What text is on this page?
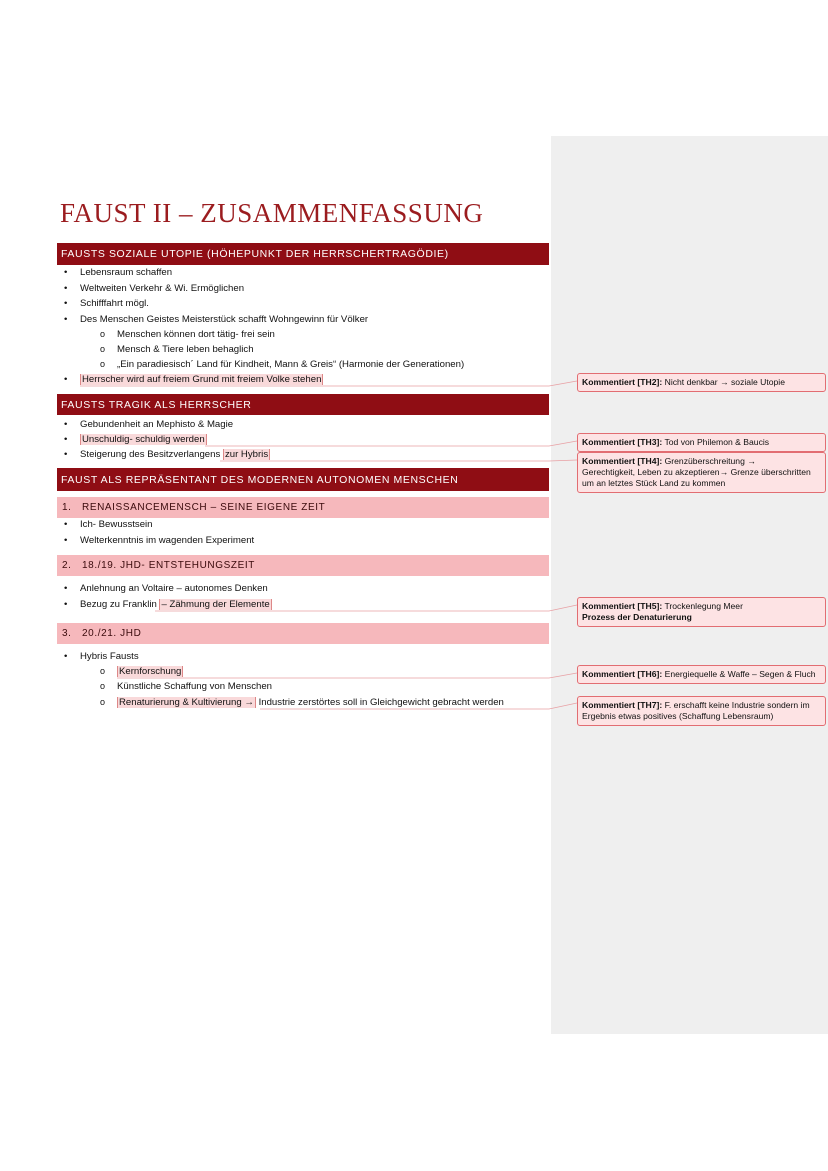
FAUST II – ZUSAMMENFASSUNG
FAUSTS SOZIALE UTOPIE (HÖHEPUNKT DER HERRSCHERTRAGÖDIE)
• Lebensraum schaffen
• Weltweiten Verkehr & Wi. Ermöglichen
• Schifffahrt mögl.
• Des Menschen Geistes Meisterstück schafft Wohngewinn für Völker
o Menschen können dort tätig- frei sein
o Mensch & Tiere leben behaglich
o „Ein paradiesisch´ Land für Kindheit, Mann & Greis“ (Harmonie der Generationen)
• Herrscher wird auf freiem Grund mit freiem Volke stehen
FAUSTS TRAGIK ALS HERRSCHER
• Gebundenheit an Mephisto & Magie
• Unschuldig- schuldig werden
• Steigerung des Besitzverlangens zur Hybris
FAUST ALS REPRÄSENTANT DES MODERNEN AUTONOMEN MENSCHEN
1.	RENAISSANCEMENSCH – SEINE EIGENE ZEIT
• Ich- Bewusstsein
• Welterkenntnis im wagenden Experiment
2.	18./19. JHD- ENTSTEHUNGSZEIT
• Anlehnung an Voltaire – autonomes Denken
• Bezug zu Franklin – Zähmung der Elemente
3.	20./21. JHD
• Hybris Fausts
o Kernforschung
o Künstliche Schaffung von Menschen
o Renaturierung & Kultivierung → Industrie zerstörtes soll in Gleichgewicht gebracht werden
Kommentiert [TH2]: Nicht denkbar → soziale Utopie
Kommentiert [TH3]: Tod von Philemon & Baucis
Kommentiert [TH4]: Grenzüberschreitung →
Gerechtigkeit, Leben zu akzeptieren→ Grenze überschritten um an letztes Stück Land zu kommen
Kommentiert [TH5]: Trockenlegung Meer
Prozess der Denaturierung
Kommentiert [TH6]: Energiequelle & Waffe – Segen & Fluch
Kommentiert [TH7]: F. erschafft keine Industrie sondern im Ergebnis etwas positives (Schaffung Lebensraum)
